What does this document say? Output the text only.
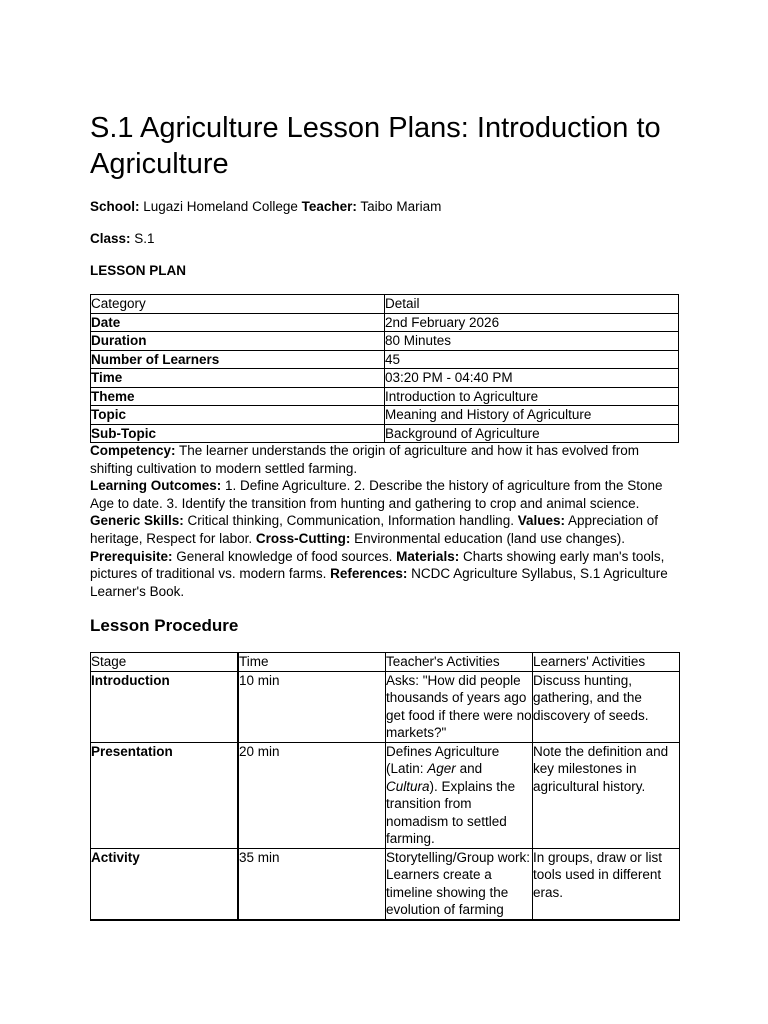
S.1 Agriculture Lesson Plans: Introduction to Agriculture

School: Lugazi Homeland College Teacher: Taibo Mariam

Class: S.1

LESSON PLAN

Category	Detail
Date	2nd February 2026
Duration	80 Minutes
Number of Learners	45
Time	03:20 PM - 04:40 PM
Theme	Introduction to Agriculture
Topic	Meaning and History of Agriculture
Sub-Topic	Background of Agriculture

Competency: The learner understands the origin of agriculture and how it has evolved from shifting cultivation to modern settled farming.
Learning Outcomes: 1. Define Agriculture. 2. Describe the history of agriculture from the Stone Age to date. 3. Identify the transition from hunting and gathering to crop and animal science.
Generic Skills: Critical thinking, Communication, Information handling. Values: Appreciation of heritage, Respect for labor. Cross-Cutting: Environmental education (land use changes).
Prerequisite: General knowledge of food sources. Materials: Charts showing early man's tools, pictures of traditional vs. modern farms. References: NCDC Agriculture Syllabus, S.1 Agriculture Learner's Book.

Lesson Procedure
Stage	Time	Teacher's Activities	Learners' Activities
Introduction	10 min	Asks: "How did people thousands of years ago get food if there were no markets?"	Discuss hunting, gathering, and the discovery of seeds.
Presentation	20 min	Defines Agriculture (Latin: Ager and Cultura). Explains the transition from nomadism to settled farming.	Note the definition and key milestones in agricultural history.
Activity	35 min	Storytelling/Group work: Learners create a timeline showing the evolution of farming	In groups, draw or list tools used in different eras.
